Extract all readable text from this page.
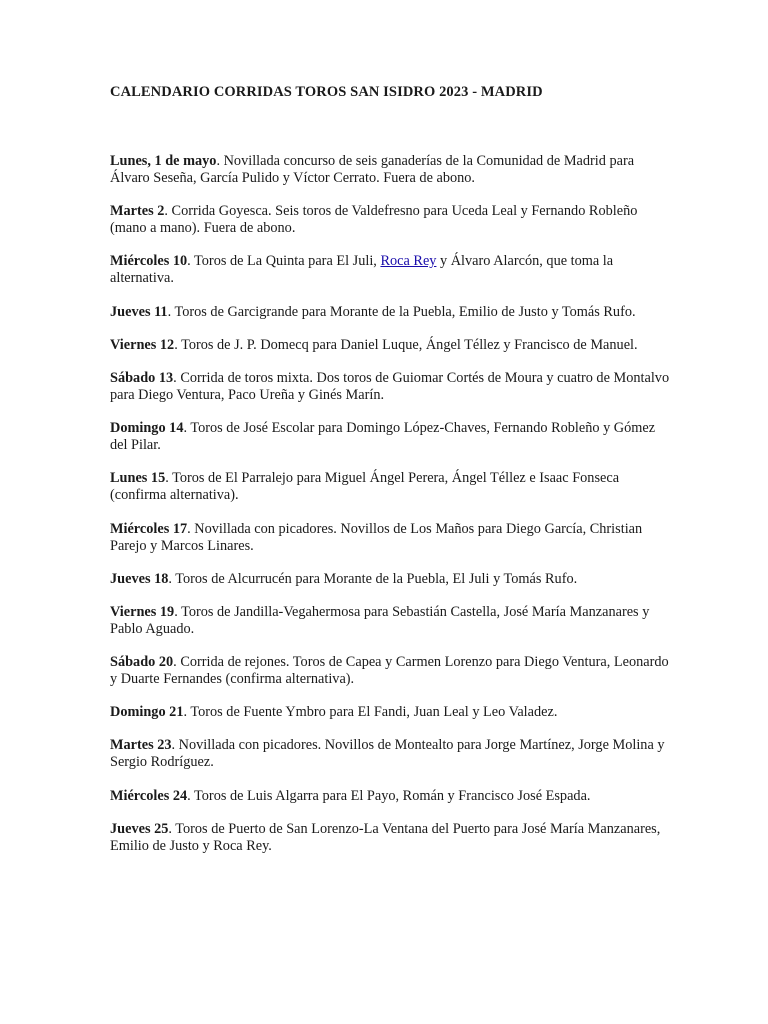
CALENDARIO CORRIDAS TOROS SAN ISIDRO 2023 - MADRID

Lunes, 1 de mayo. Novillada concurso de seis ganaderías de la Comunidad de Madrid para Álvaro Seseña, García Pulido y Víctor Cerrato. Fuera de abono.

Martes 2. Corrida Goyesca. Seis toros de Valdefresno para Uceda Leal y Fernando Robleño (mano a mano). Fuera de abono.

Miércoles 10. Toros de La Quinta para El Juli, Roca Rey y Álvaro Alarcón, que toma la alternativa.

Jueves 11. Toros de Garcigrande para Morante de la Puebla, Emilio de Justo y Tomás Rufo.

Viernes 12. Toros de J. P. Domecq para Daniel Luque, Ángel Téllez y Francisco de Manuel.

Sábado 13. Corrida de toros mixta. Dos toros de Guiomar Cortés de Moura y cuatro de Montalvo para Diego Ventura, Paco Ureña y Ginés Marín.

Domingo 14. Toros de José Escolar para Domingo López-Chaves, Fernando Robleño y Gómez del Pilar.

Lunes 15. Toros de El Parralejo para Miguel Ángel Perera, Ángel Téllez e Isaac Fonseca (confirma alternativa).

Miércoles 17. Novillada con picadores. Novillos de Los Maños para Diego García, Christian Parejo y Marcos Linares.

Jueves 18. Toros de Alcurrucén para Morante de la Puebla, El Juli y Tomás Rufo.

Viernes 19. Toros de Jandilla-Vegahermosa para Sebastián Castella, José María Manzanares y Pablo Aguado.

Sábado 20. Corrida de rejones. Toros de Capea y Carmen Lorenzo para Diego Ventura, Leonardo y Duarte Fernandes (confirma alternativa).

Domingo 21. Toros de Fuente Ymbro para El Fandi, Juan Leal y Leo Valadez.

Martes 23. Novillada con picadores. Novillos de Montealto para Jorge Martínez, Jorge Molina y Sergio Rodríguez.

Miércoles 24. Toros de Luis Algarra para El Payo, Román y Francisco José Espada.

Jueves 25. Toros de Puerto de San Lorenzo-La Ventana del Puerto para José María Manzanares, Emilio de Justo y Roca Rey.
